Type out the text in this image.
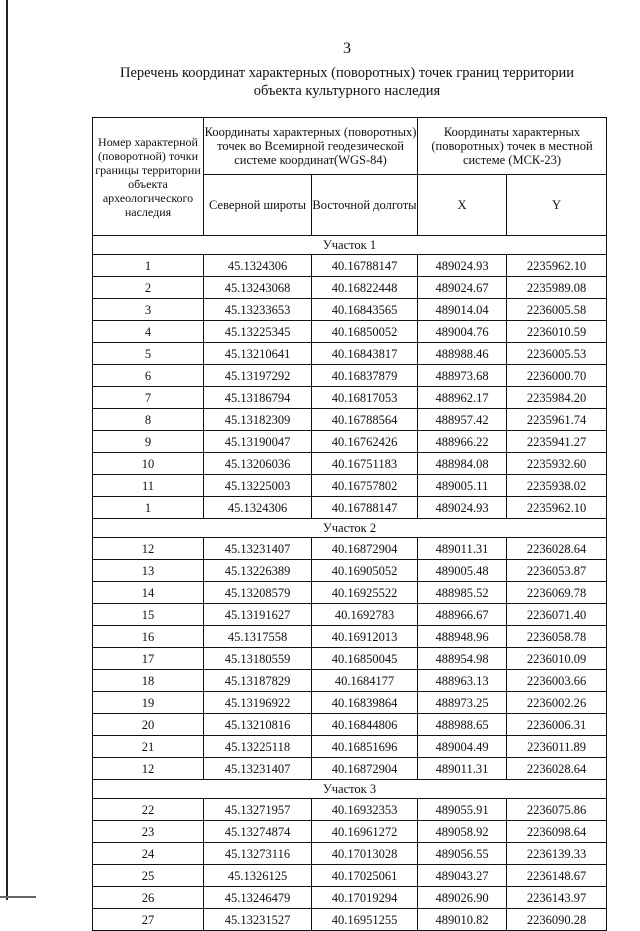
3
Перечень координат характерных (поворотных) точек границ территории объекта культурного наследия
Номер характерной (поворотной) точки границы территории объекта археологического наследия	Координаты характерных (поворотных) точек во Всемирной геодезической системе координат(WGS-84)		Координаты характерных (поворотных) точек в местной системе (МСК-23)	
	Северной широты	Восточной долготы	X	Y
Участок 1				
1	45.1324306	40.16788147	489024.93	2235962.10
2	45.13243068	40.16822448	489024.67	2235989.08
3	45.13233653	40.16843565	489014.04	2236005.58
4	45.13225345	40.16850052	489004.76	2236010.59
5	45.13210641	40.16843817	488988.46	2236005.53
6	45.13197292	40.16837879	488973.68	2236000.70
7	45.13186794	40.16817053	488962.17	2235984.20
8	45.13182309	40.16788564	488957.42	2235961.74
9	45.13190047	40.16762426	488966.22	2235941.27
10	45.13206036	40.16751183	488984.08	2235932.60
11	45.13225003	40.16757802	489005.11	2235938.02
1	45.1324306	40.16788147	489024.93	2235962.10
Участок 2				
12	45.13231407	40.16872904	489011.31	2236028.64
13	45.13226389	40.16905052	489005.48	2236053.87
14	45.13208579	40.16925522	488985.52	2236069.78
15	45.13191627	40.1692783	488966.67	2236071.40
16	45.1317558	40.16912013	488948.96	2236058.78
17	45.13180559	40.16850045	488954.98	2236010.09
18	45.13187829	40.1684177	488963.13	2236003.66
19	45.13196922	40.16839864	488973.25	2236002.26
20	45.13210816	40.16844806	488988.65	2236006.31
21	45.13225118	40.16851696	489004.49	2236011.89
12	45.13231407	40.16872904	489011.31	2236028.64
Участок 3				
22	45.13271957	40.16932353	489055.91	2236075.86
23	45.13274874	40.16961272	489058.92	2236098.64
24	45.13273116	40.17013028	489056.55	2236139.33
25	45.1326125	40.17025061	489043.27	2236148.67
26	45.13246479	40.17019294	489026.90	2236143.97
27	45.13231527	40.16951255	489010.82	2236090.28
